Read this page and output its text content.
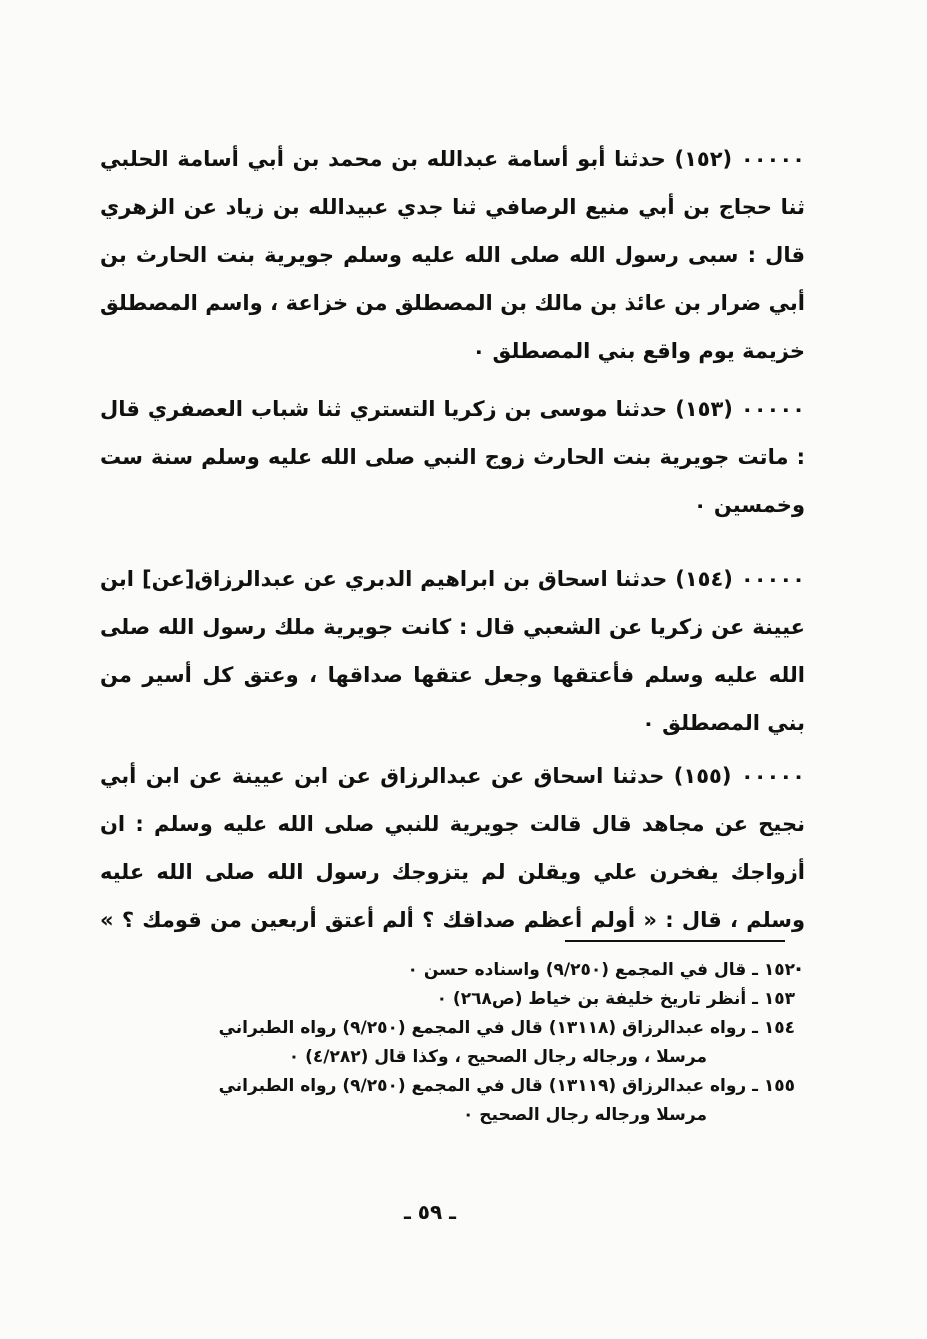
٠٠٠٠٠ (١٥٢) حدثنا أبو أسامة عبدالله بن محمد بن أبي أسامة الحلبي ثنا حجاج بن أبي منيع الرصافي ثنا جدي عبيدالله بن زياد عن الزهري قال : سبى رسول الله صلى الله عليه وسلم جويرية بنت الحارث بن أبي ضرار بن عائذ بن مالك بن المصطلق من خزاعة ، واسم المصطلق خزيمة يوم واقع بني المصطلق ٠

٠٠٠٠٠ (١٥٣) حدثنا موسى بن زكريا التستري ثنا شباب العصفري قال : ماتت جويرية بنت الحارث زوج النبي صلى الله عليه وسلم سنة ست وخمسين ٠

٠٠٠٠٠ (١٥٤) حدثنا اسحاق بن ابراهيم الدبري عن عبدالرزاق[عن] ابن عيينة عن زكريا عن الشعبي قال : كانت جويرية ملك رسول الله صلى الله عليه وسلم فأعتقها وجعل عتقها صداقها ، وعتق كل أسير من بني المصطلق ٠

٠٠٠٠٠ (١٥٥) حدثنا اسحاق عن عبدالرزاق عن ابن عيينة عن ابن أبي نجيح عن مجاهد قال قالت جويرية للنبي صلى الله عليه وسلم : ان أزواجك يفخرن علي ويقلن لم يتزوجك رسول الله صلى الله عليه وسلم ، قال : « أولم أعظم صداقك ؟ ألم أعتق أربعين من قومك ؟ » ٠

١٥٢ ـ قال في المجمع (٩/٢٥٠) واسناده حسن ٠
١٥٣ ـ أنظر تاريخ خليفة بن خياط (ص٢٦٨) ٠
١٥٤ ـ رواه عبدالرزاق (١٣١١٨) قال في المجمع (٩/٢٥٠) رواه الطبراني
مرسلا ، ورجاله رجال الصحيح ، وكذا قال (٤/٢٨٢) ٠
١٥٥ ـ رواه عبدالرزاق (١٣١١٩) قال في المجمع (٩/٢٥٠) رواه الطبراني
مرسلا ورجاله رجال الصحيح ٠
ـ ٥٩ ـ
